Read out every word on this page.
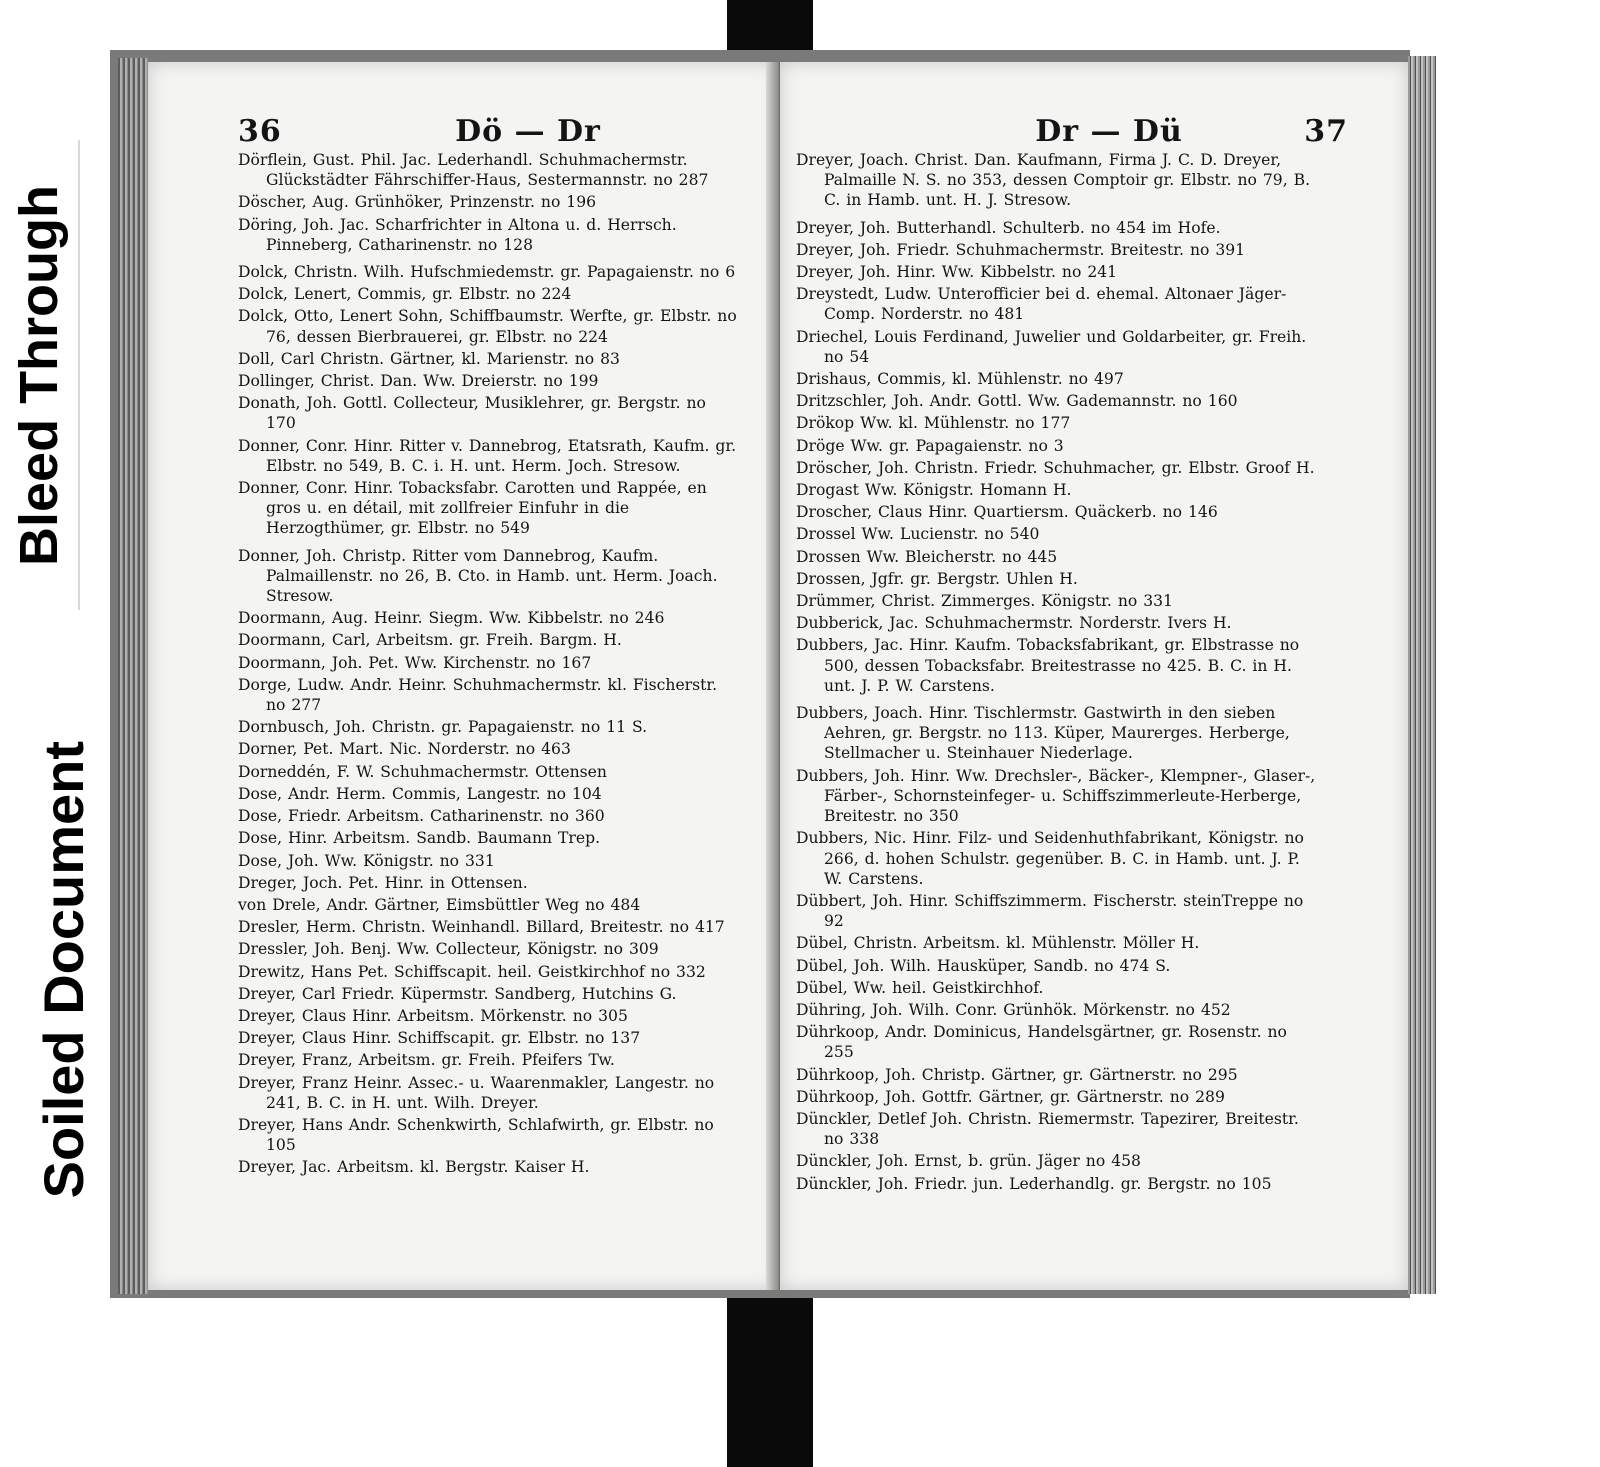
Bleed Through
Soiled Document
36	Dö — Dr
Dörflein, Gust. Phil. Jac. Lederhandl. Schuhmachermstr. Glückstädter Fährschiffer-Haus, Sestermannstr. no 287
Döscher, Aug. Grünhöker, Prinzenstr. no 196
Döring, Joh. Jac. Scharfrichter in Altona u. d. Herrsch. Pinneberg, Catharinenstr. no 128
Dolck, Christn. Wilh. Hufschmiedemstr. gr. Papagaienstr. no 6
Dolck, Lenert, Commis, gr. Elbstr. no 224
Dolck, Otto, Lenert Sohn, Schiffbaumstr. Werfte, gr. Elbstr. no 76, dessen Bierbrauerei, gr. Elbstr. no 224
Doll, Carl Christn. Gärtner, kl. Marienstr. no 83
Dollinger, Christ. Dan. Ww. Dreierstr. no 199
Donath, Joh. Gottl. Collecteur, Musiklehrer, gr. Bergstr. no 170
Donner, Conr. Hinr. Ritter v. Dannebrog, Etatsrath, Kaufm. gr. Elbstr. no 549, B. C. i. H. unt. Herm. Joch. Stresow.
Donner, Conr. Hinr. Tobacksfabr. Carotten und Rappée, en gros u. en détail, mit zollfreier Einfuhr in die Herzogthümer, gr. Elbstr. no 549
Donner, Joh. Christp. Ritter vom Dannebrog, Kaufm. Palmaillenstr. no 26, B. Cto. in Hamb. unt. Herm. Joach. Stresow.
Doormann, Aug. Heinr. Siegm. Ww. Kibbelstr. no 246
Doormann, Carl, Arbeitsm. gr. Freih. Bargm. H.
Doormann, Joh. Pet. Ww. Kirchenstr. no 167
Dorge, Ludw. Andr. Heinr. Schuhmachermstr. kl. Fischerstr. no 277
Dornbusch, Joh. Christn. gr. Papagaienstr. no 11 S.
Dorner, Pet. Mart. Nic. Norderstr. no 463
Dorneddén, F. W. Schuhmachermstr. Ottensen
Dose, Andr. Herm. Commis, Langestr. no 104
Dose, Friedr. Arbeitsm. Catharinenstr. no 360
Dose, Hinr. Arbeitsm. Sandb. Baumann Trep.
Dose, Joh. Ww. Königstr. no 331
Dreger, Joch. Pet. Hinr. in Ottensen.
von Drele, Andr. Gärtner, Eimsbüttler Weg no 484
Dresler, Herm. Christn. Weinhandl. Billard, Breitestr. no 417
Dressler, Joh. Benj. Ww. Collecteur, Königstr. no 309
Drewitz, Hans Pet. Schiffscapit. heil. Geistkirchhof no 332
Dreyer, Carl Friedr. Küpermstr. Sandberg, Hutchins G.
Dreyer, Claus Hinr. Arbeitsm. Mörkenstr. no 305
Dreyer, Claus Hinr. Schiffscapit. gr. Elbstr. no 137
Dreyer, Franz, Arbeitsm. gr. Freih. Pfeifers Tw.
Dreyer, Franz Heinr. Assec.- u. Waarenmakler, Langestr. no 241, B. C. in H. unt. Wilh. Dreyer.
Dreyer, Hans Andr. Schenkwirth, Schlafwirth, gr. Elbstr. no 105
Dreyer, Jac. Arbeitsm. kl. Bergstr. Kaiser H.
Dr — Dü	37
Dreyer, Joach. Christ. Dan. Kaufmann, Firma J. C. D. Dreyer, Palmaille N. S. no 353, dessen Comptoir gr. Elbstr. no 79, B. C. in Hamb. unt. H. J. Stresow.
Dreyer, Joh. Butterhandl. Schulterb. no 454 im Hofe.
Dreyer, Joh. Friedr. Schuhmachermstr. Breitestr. no 391
Dreyer, Joh. Hinr. Ww. Kibbelstr. no 241
Dreystedt, Ludw. Unterofficier bei d. ehemal. Altonaer Jäger-Comp. Norderstr. no 481
Driechel, Louis Ferdinand, Juwelier und Goldarbeiter, gr. Freih. no 54
Drishaus, Commis, kl. Mühlenstr. no 497
Dritzschler, Joh. Andr. Gottl. Ww. Gademannstr. no 160
Drökop Ww. kl. Mühlenstr. no 177
Dröge Ww. gr. Papagaienstr. no 3
Dröscher, Joh. Christn. Friedr. Schuhmacher, gr. Elbstr. Groof H.
Drogast Ww. Königstr. Homann H.
Droscher, Claus Hinr. Quartiersm. Quäckerb. no 146
Drossel Ww. Lucienstr. no 540
Drossen Ww. Bleicherstr. no 445
Drossen, Jgfr. gr. Bergstr. Uhlen H.
Drümmer, Christ. Zimmerges. Königstr. no 331
Dubberick, Jac. Schuhmachermstr. Norderstr. Ivers H.
Dubbers, Jac. Hinr. Kaufm. Tobacksfabrikant, gr. Elbstrasse no 500, dessen Tobacksfabr. Breitestrasse no 425. B. C. in H. unt. J. P. W. Carstens.
Dubbers, Joach. Hinr. Tischlermstr. Gastwirth in den sieben Aehren, gr. Bergstr. no 113. Küper, Maurerges. Herberge, Stellmacher u. Steinhauer Niederlage.
Dubbers, Joh. Hinr. Ww. Drechsler-, Bäcker-, Klempner-, Glaser-, Färber-, Schornsteinfeger- u. Schiffszimmerleute-Herberge, Breitestr. no 350
Dubbers, Nic. Hinr. Filz- und Seidenhuthfabrikant, Königstr. no 266, d. hohen Schulstr. gegenüber. B. C. in Hamb. unt. J. P. W. Carstens.
Dübbert, Joh. Hinr. Schiffszimmerm. Fischerstr. steinTreppe no 92
Dübel, Christn. Arbeitsm. kl. Mühlenstr. Möller H.
Dübel, Joh. Wilh. Hausküper, Sandb. no 474 S.
Dübel, Ww. heil. Geistkirchhof.
Dühring, Joh. Wilh. Conr. Grünhök. Mörkenstr. no 452
Dührkoop, Andr. Dominicus, Handelsgärtner, gr. Rosenstr. no 255
Dührkoop, Joh. Christp. Gärtner, gr. Gärtnerstr. no 295
Dührkoop, Joh. Gottfr. Gärtner, gr. Gärtnerstr. no 289
Dünckler, Detlef Joh. Christn. Riemermstr. Tapezirer, Breitestr. no 338
Dünckler, Joh. Ernst, b. grün. Jäger no 458
Dünckler, Joh. Friedr. jun. Lederhandlg. gr. Bergstr. no 105
